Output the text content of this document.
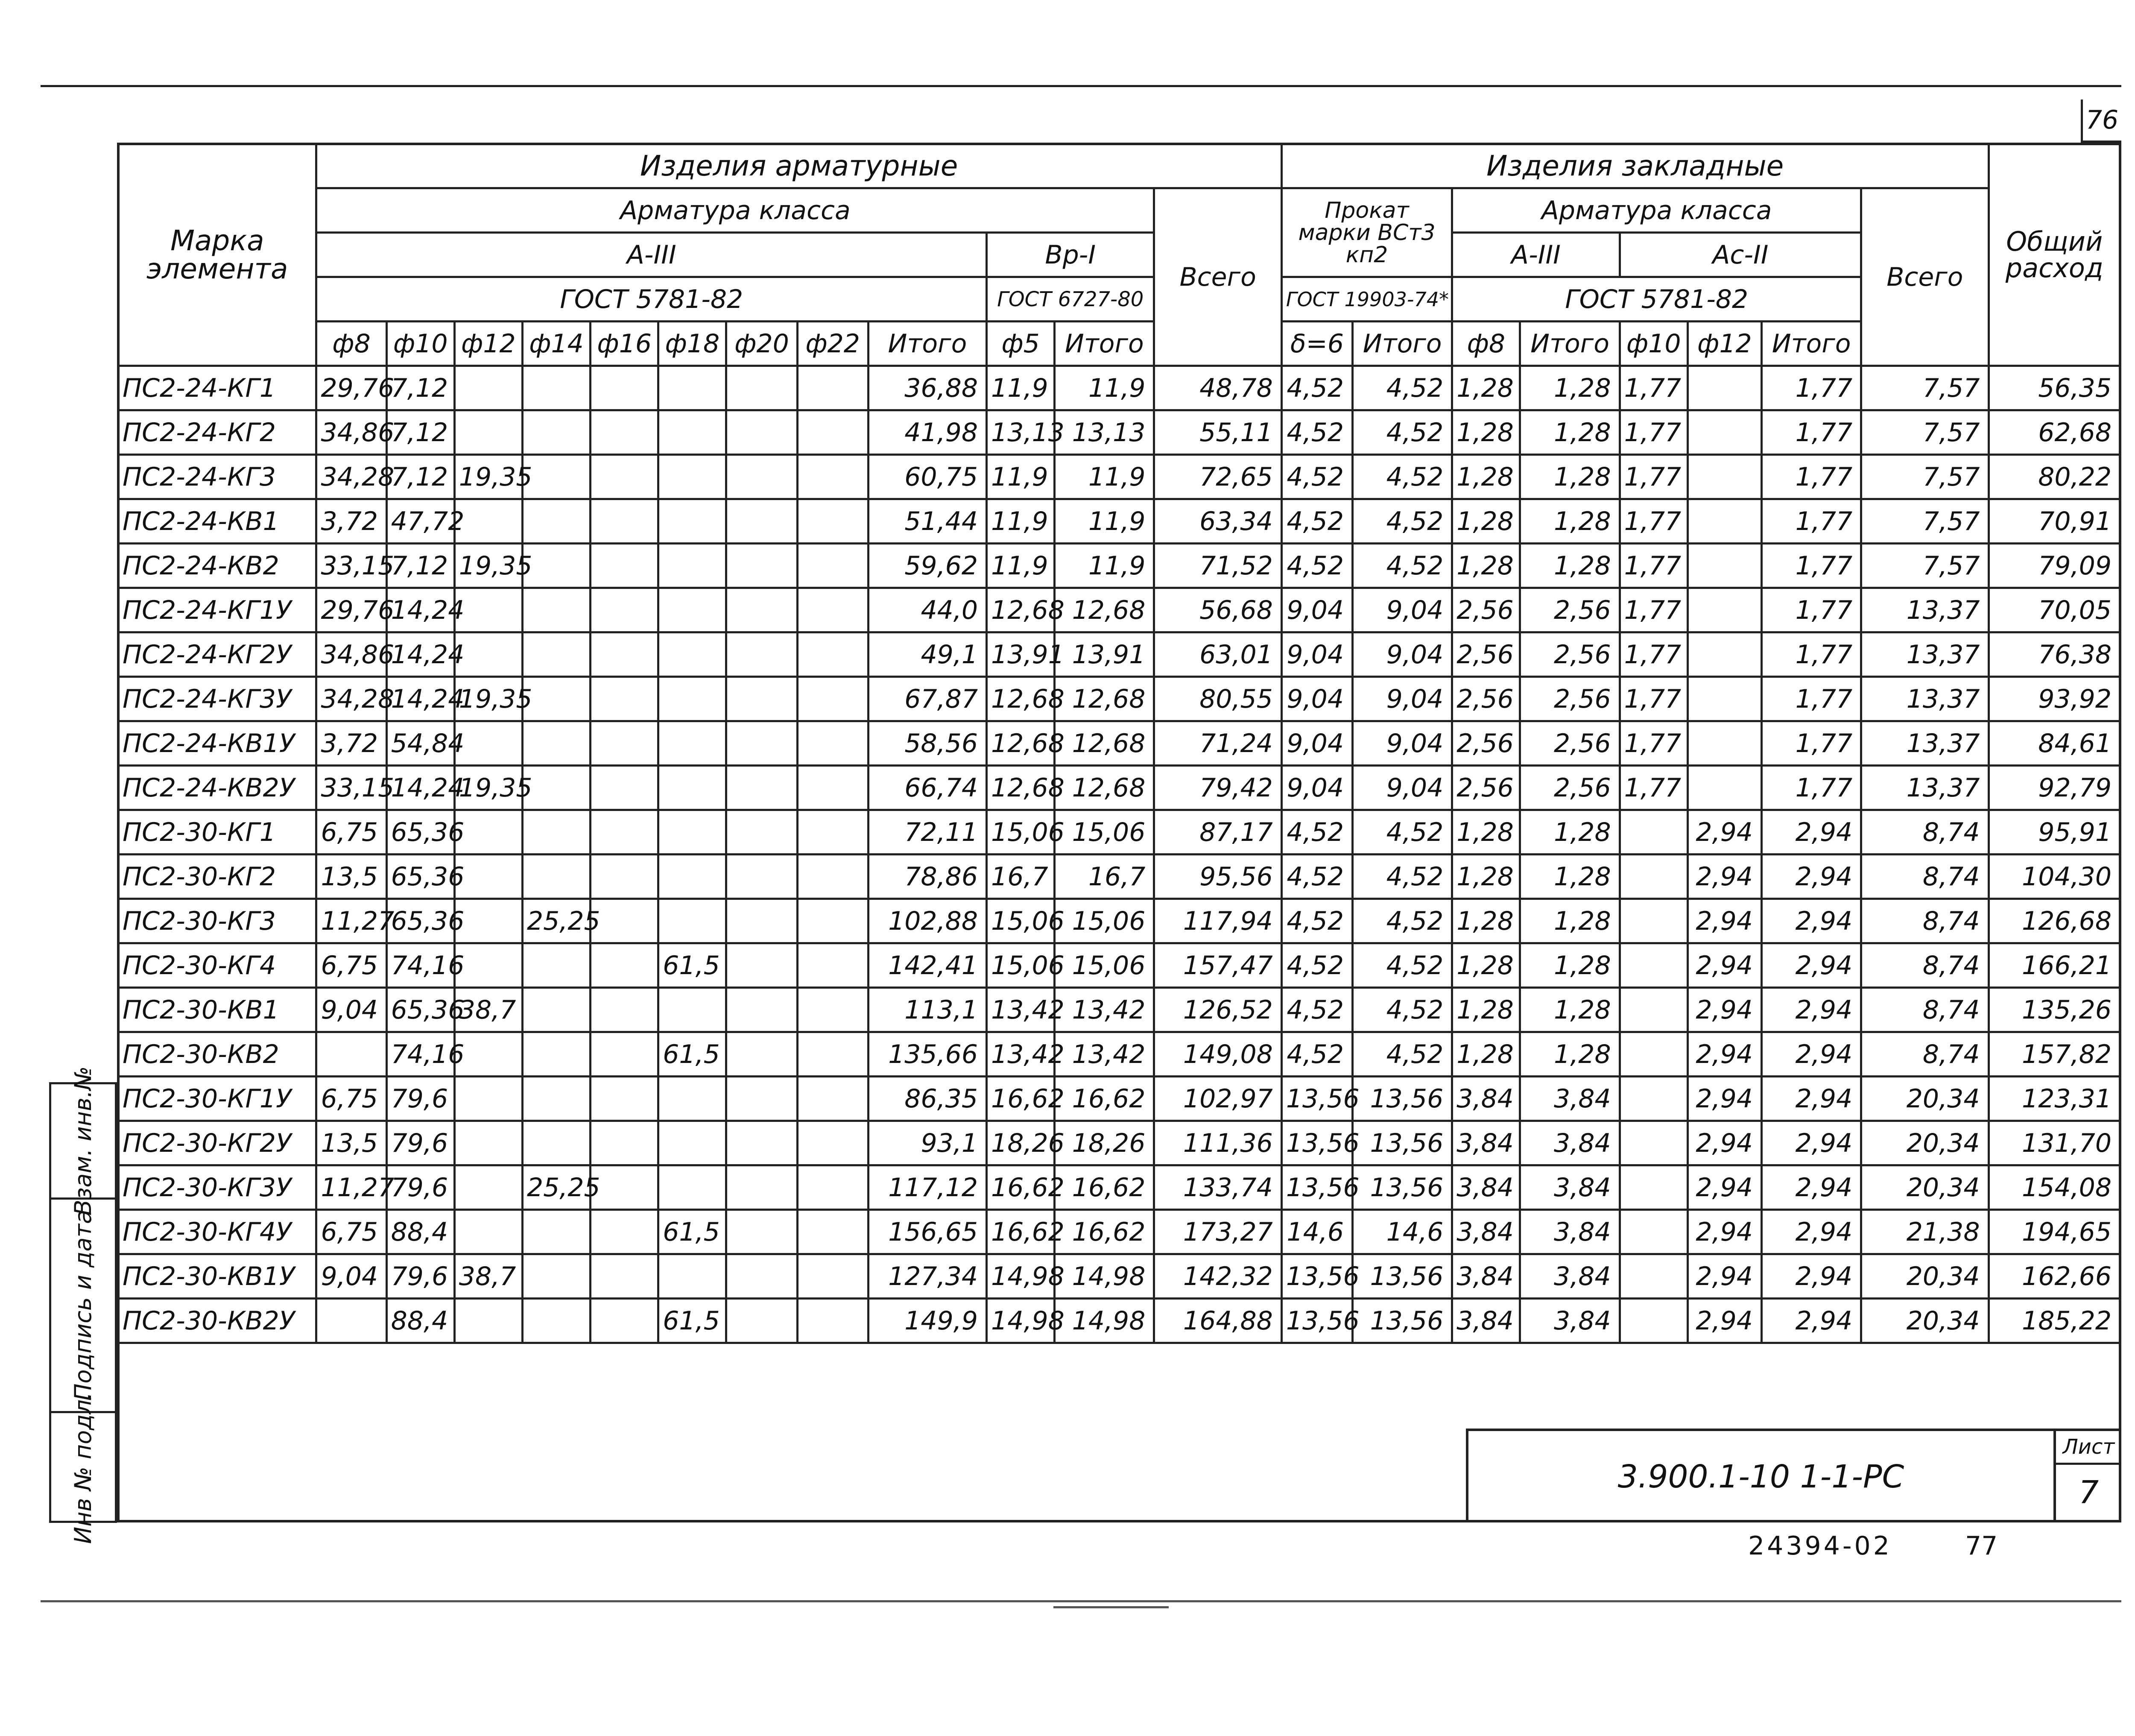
76
Марка элемента	Изделия арматурные												Изделия закладные								Общий расход
	Арматура класса											Всего	Прокат марки ВСт3 кп2		Арматура класса					Всего	
	А-III									Вр-I					А-III		Ас-II				
	ГОСТ 5781-82									ГОСТ 6727-80			ГОСТ 19903-74*		ГОСТ 5781-82						
	ф8	ф10	ф12	ф14	ф16	ф18	ф20	ф22	Итого	ф5	Итого		δ=6	Итого	ф8	Итого	ф10	ф12	Итого		
ПС2-24-КГ1	29,76	7,12							36,88	11,9	11,9	48,78	4,52	4,52	1,28	1,28	1,77		1,77	7,57	56,35
ПС2-24-КГ2	34,86	7,12							41,98	13,13	13,13	55,11	4,52	4,52	1,28	1,28	1,77		1,77	7,57	62,68
ПС2-24-КГ3	34,28	7,12	19,35						60,75	11,9	11,9	72,65	4,52	4,52	1,28	1,28	1,77		1,77	7,57	80,22
ПС2-24-КВ1	3,72	47,72							51,44	11,9	11,9	63,34	4,52	4,52	1,28	1,28	1,77		1,77	7,57	70,91
ПС2-24-КВ2	33,15	7,12	19,35						59,62	11,9	11,9	71,52	4,52	4,52	1,28	1,28	1,77		1,77	7,57	79,09
ПС2-24-КГ1У	29,76	14,24							44,0	12,68	12,68	56,68	9,04	9,04	2,56	2,56	1,77		1,77	13,37	70,05
ПС2-24-КГ2У	34,86	14,24							49,1	13,91	13,91	63,01	9,04	9,04	2,56	2,56	1,77		1,77	13,37	76,38
ПС2-24-КГ3У	34,28	14,24	19,35						67,87	12,68	12,68	80,55	9,04	9,04	2,56	2,56	1,77		1,77	13,37	93,92
ПС2-24-КВ1У	3,72	54,84							58,56	12,68	12,68	71,24	9,04	9,04	2,56	2,56	1,77		1,77	13,37	84,61
ПС2-24-КВ2У	33,15	14,24	19,35						66,74	12,68	12,68	79,42	9,04	9,04	2,56	2,56	1,77		1,77	13,37	92,79
ПС2-30-КГ1	6,75	65,36							72,11	15,06	15,06	87,17	4,52	4,52	1,28	1,28		2,94	2,94	8,74	95,91
ПС2-30-КГ2	13,5	65,36							78,86	16,7	16,7	95,56	4,52	4,52	1,28	1,28		2,94	2,94	8,74	104,30
ПС2-30-КГ3	11,27	65,36		25,25					102,88	15,06	15,06	117,94	4,52	4,52	1,28	1,28		2,94	2,94	8,74	126,68
ПС2-30-КГ4	6,75	74,16				61,5			142,41	15,06	15,06	157,47	4,52	4,52	1,28	1,28		2,94	2,94	8,74	166,21
ПС2-30-КВ1	9,04	65,36	38,7						113,1	13,42	13,42	126,52	4,52	4,52	1,28	1,28		2,94	2,94	8,74	135,26
ПС2-30-КВ2		74,16				61,5			135,66	13,42	13,42	149,08	4,52	4,52	1,28	1,28		2,94	2,94	8,74	157,82
ПС2-30-КГ1У	6,75	79,6							86,35	16,62	16,62	102,97	13,56	13,56	3,84	3,84		2,94	2,94	20,34	123,31
ПС2-30-КГ2У	13,5	79,6							93,1	18,26	18,26	111,36	13,56	13,56	3,84	3,84		2,94	2,94	20,34	131,70
ПС2-30-КГ3У	11,27	79,6		25,25					117,12	16,62	16,62	133,74	13,56	13,56	3,84	3,84		2,94	2,94	20,34	154,08
ПС2-30-КГ4У	6,75	88,4				61,5			156,65	16,62	16,62	173,27	14,6	14,6	3,84	3,84		2,94	2,94	21,38	194,65
ПС2-30-КВ1У	9,04	79,6	38,7						127,34	14,98	14,98	142,32	13,56	13,56	3,84	3,84		2,94	2,94	20,34	162,66
ПС2-30-КВ2У		88,4				61,5			149,9	14,98	14,98	164,88	13,56	13,56	3,84	3,84		2,94	2,94	20,34	185,22
Взам. инв.№
Подпись и дата
Инв № подл.	3.900.1-10 1-1-РС
Лист
7
24394-02	77
